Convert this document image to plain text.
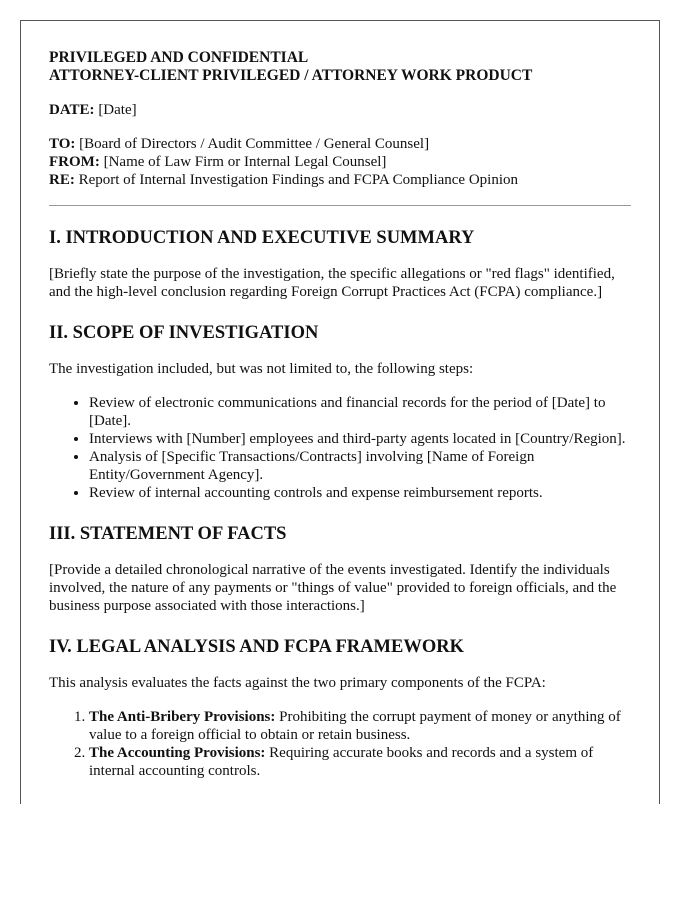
PRIVILEGED AND CONFIDENTIAL
ATTORNEY-CLIENT PRIVILEGED / ATTORNEY WORK PRODUCT
DATE: [Date]
TO: [Board of Directors / Audit Committee / General Counsel]
FROM: [Name of Law Firm or Internal Legal Counsel]
RE: Report of Internal Investigation Findings and FCPA Compliance Opinion
I. INTRODUCTION AND EXECUTIVE SUMMARY

[Briefly state the purpose of the investigation, the specific allegations or "red flags" identified, and the high-level conclusion regarding Foreign Corrupt Practices Act (FCPA) compliance.]

II. SCOPE OF INVESTIGATION

The investigation included, but was not limited to, the following steps:

• Review of electronic communications and financial records for the period of [Date] to [Date].
• Interviews with [Number] employees and third-party agents located in [Country/Region].
• Analysis of [Specific Transactions/Contracts] involving [Name of Foreign Entity/Government Agency].
• Review of internal accounting controls and expense reimbursement reports.
III. STATEMENT OF FACTS

[Provide a detailed chronological narrative of the events investigated. Identify the individuals involved, the nature of any payments or "things of value" provided to foreign officials, and the business purpose associated with those interactions.]

IV. LEGAL ANALYSIS AND FCPA FRAMEWORK

This analysis evaluates the facts against the two primary components of the FCPA:

1. The Anti-Bribery Provisions: Prohibiting the corrupt payment of money or anything of value to a foreign official to obtain or retain business.
2. The Accounting Provisions: Requiring accurate books and records and a system of internal accounting controls.
